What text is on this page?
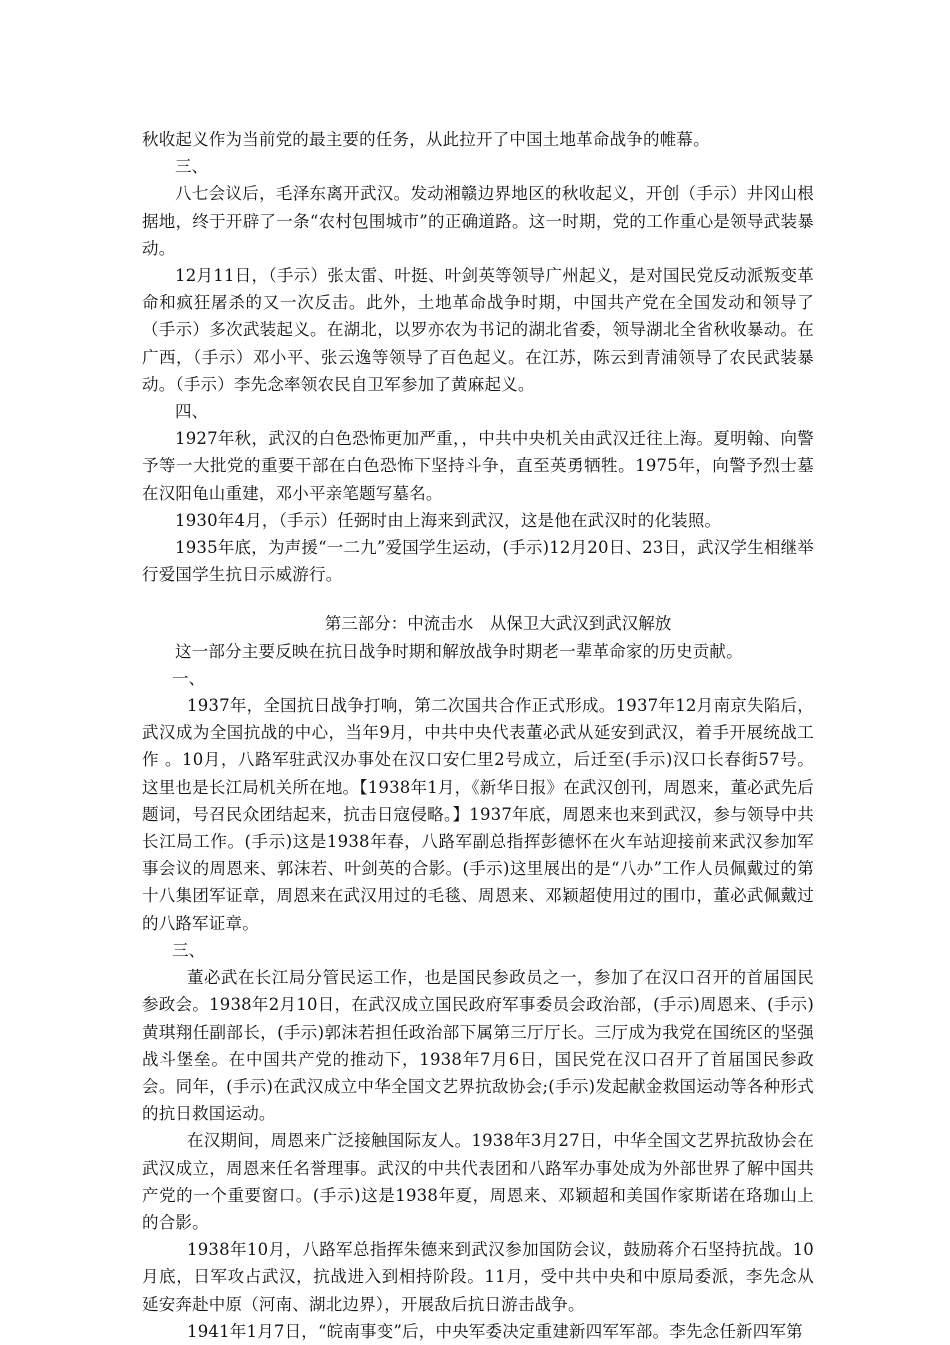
秋收起义作为当前党的最主要的任务，从此拉开了中国土地革命战争的帷幕。

三、

八七会议后，毛泽东离开武汉。发动湘赣边界地区的秋收起义，开创（手示）井冈山根据地，终于开辟了一条“农村包围城市”的正确道路。这一时期，党的工作重心是领导武装暴动。

12月11日，（手示）张太雷、叶挺、叶剑英等领导广州起义，是对国民党反动派叛变革命和疯狂屠杀的又一次反击。此外，土地革命战争时期，中国共产党在全国发动和领导了（手示）多次武装起义。在湖北，以罗亦农为书记的湖北省委，领导湖北全省秋收暴动。在广西，（手示）邓小平、张云逸等领导了百色起义。在江苏，陈云到青浦领导了农民武装暴动。（手示）李先念率领农民自卫军参加了黄麻起义。

四、

1927年秋，武汉的白色恐怖更加严重，，中共中央机关由武汉迁往上海。夏明翰、向警予等一大批党的重要干部在白色恐怖下坚持斗争，直至英勇牺牲。1975年，向警予烈士墓在汉阳龟山重建，邓小平亲笔题写墓名。

1930年4月，（手示）任弼时由上海来到武汉，这是他在武汉时的化装照。

1935年底，为声援“一二九”爱国学生运动，(手示)12月20日、23日，武汉学生相继举行爱国学生抗日示威游行。

第三部分：中流击水　从保卫大武汉到武汉解放

这一部分主要反映在抗日战争时期和解放战争时期老一辈革命家的历史贡献。

一、

1937年，全国抗日战争打响，第二次国共合作正式形成。1937年12月南京失陷后，武汉成为全国抗战的中心，当年9月，中共中央代表董必武从延安到武汉，着手开展统战工作 。10月，八路军驻武汉办事处在汉口安仁里2号成立，后迁至(手示)汉口长春街57号。这里也是长江局机关所在地。【1938年1月，《新华日报》在武汉创刊，周恩来，董必武先后题词，号召民众团结起来，抗击日寇侵略。】1937年底，周恩来也来到武汉，参与领导中共长江局工作。(手示)这是1938年春，八路军副总指挥彭德怀在火车站迎接前来武汉参加军事会议的周恩来、郭沫若、叶剑英的合影。(手示)这里展出的是“八办”工作人员佩戴过的第十八集团军证章，周恩来在武汉用过的毛毯、周恩来、邓颖超使用过的围巾，董必武佩戴过的八路军证章。

三、

董必武在长江局分管民运工作，也是国民参政员之一，参加了在汉口召开的首届国民参政会。1938年2月10日，在武汉成立国民政府军事委员会政治部，(手示)周恩来、(手示)黄琪翔任副部长，(手示)郭沫若担任政治部下属第三厅厅长。三厅成为我党在国统区的坚强战斗堡垒。在中国共产党的推动下，1938年7月6日，国民党在汉口召开了首届国民参政会。同年，(手示)在武汉成立中华全国文艺界抗敌协会;(手示)发起献金救国运动等各种形式的抗日救国运动。

在汉期间，周恩来广泛接触国际友人。1938年3月27日，中华全国文艺界抗敌协会在武汉成立，周恩来任名誉理事。武汉的中共代表团和八路军办事处成为外部世界了解中国共产党的一个重要窗口。(手示)这是1938年夏，周恩来、邓颖超和美国作家斯诺在珞珈山上的合影。

1938年10月，八路军总指挥朱德来到武汉参加国防会议，鼓励蒋介石坚持抗战。10月底，日军攻占武汉，抗战进入到相持阶段。11月，受中共中央和中原局委派，李先念从延安奔赴中原（河南、湖北边界），开展敌后抗日游击战争。

1941年1月7日，“皖南事变”后，中央军委决定重建新四军军部。李先念任新四军第
